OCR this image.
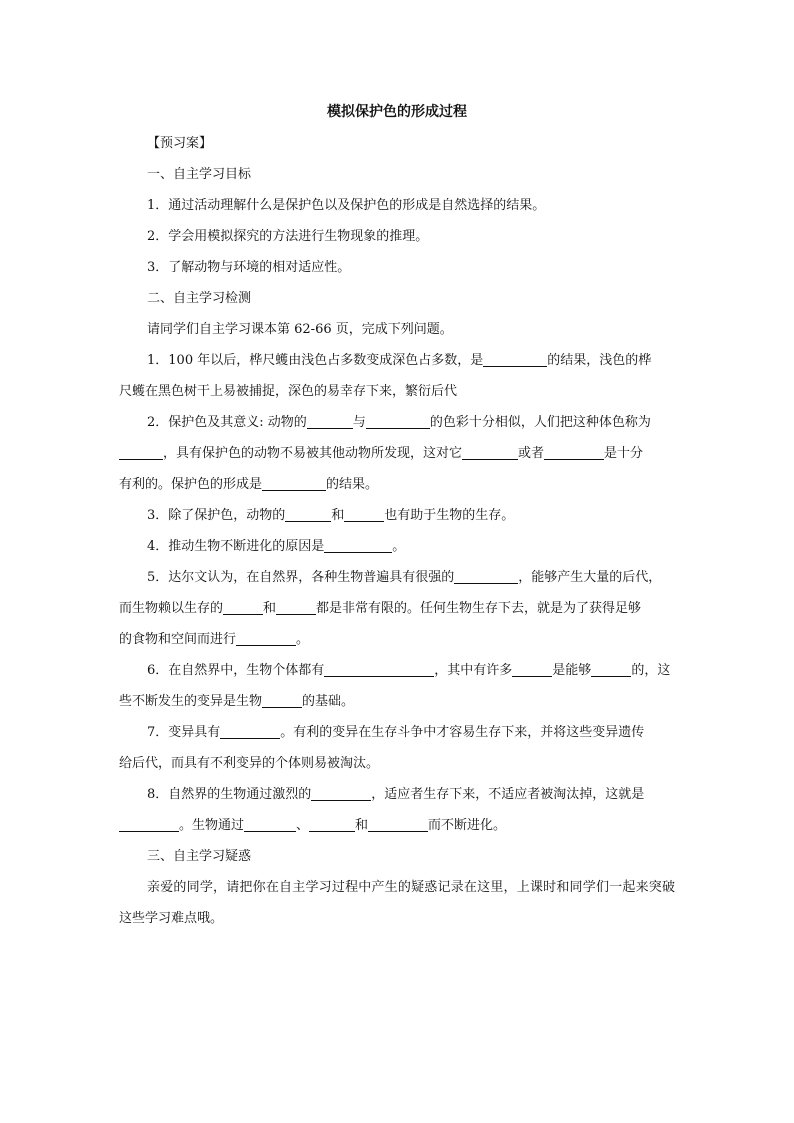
模拟保护色的形成过程
【预习案】
一、自主学习目标
1．通过活动理解什么是保护色以及保护色的形成是自然选择的结果。
2．学会用模拟探究的方法进行生物现象的推理。
3．了解动物与环境的相对适应性。
二、自主学习检测
请同学们自主学习课本第 62-66 页，完成下列问题。
1．100 年以后，桦尺蠖由浅色占多数变成深色占多数，是	的结果，浅色的桦
尺蠖在黑色树干上易被捕捉，深色的易幸存下来，繁衍后代
2．保护色及其意义: 动物的	与	的色彩十分相似，人们把这种体色称为
，具有保护色的动物不易被其他动物所发现，这对它	或者	是十分
有利的。保护色的形成是	的结果。
3．除了保护色，动物的	和	也有助于生物的生存。
4．推动生物不断进化的原因是	。
5．达尔文认为，在自然界，各种生物普遍具有很强的	，能够产生大量的后代，
而生物赖以生存的	和	都是非常有限的。任何生物生存下去，就是为了获得足够
的食物和空间而进行	。
6．在自然界中，生物个体都有	，其中有许多	是能够	的，这
些不断发生的变异是生物	的基础。
7．变异具有	。有利的变异在生存斗争中才容易生存下来，并将这些变异遗传
给后代，而具有不利变异的个体则易被淘汰。
8．自然界的生物通过激烈的	，适应者生存下来，不适应者被淘汰掉，这就是
。生物通过	、	和	而不断进化。
三、自主学习疑惑

亲爱的同学，请把你在自主学习过程中产生的疑惑记录在这里，上课时和同学们一起来突破这些学习难点哦。
